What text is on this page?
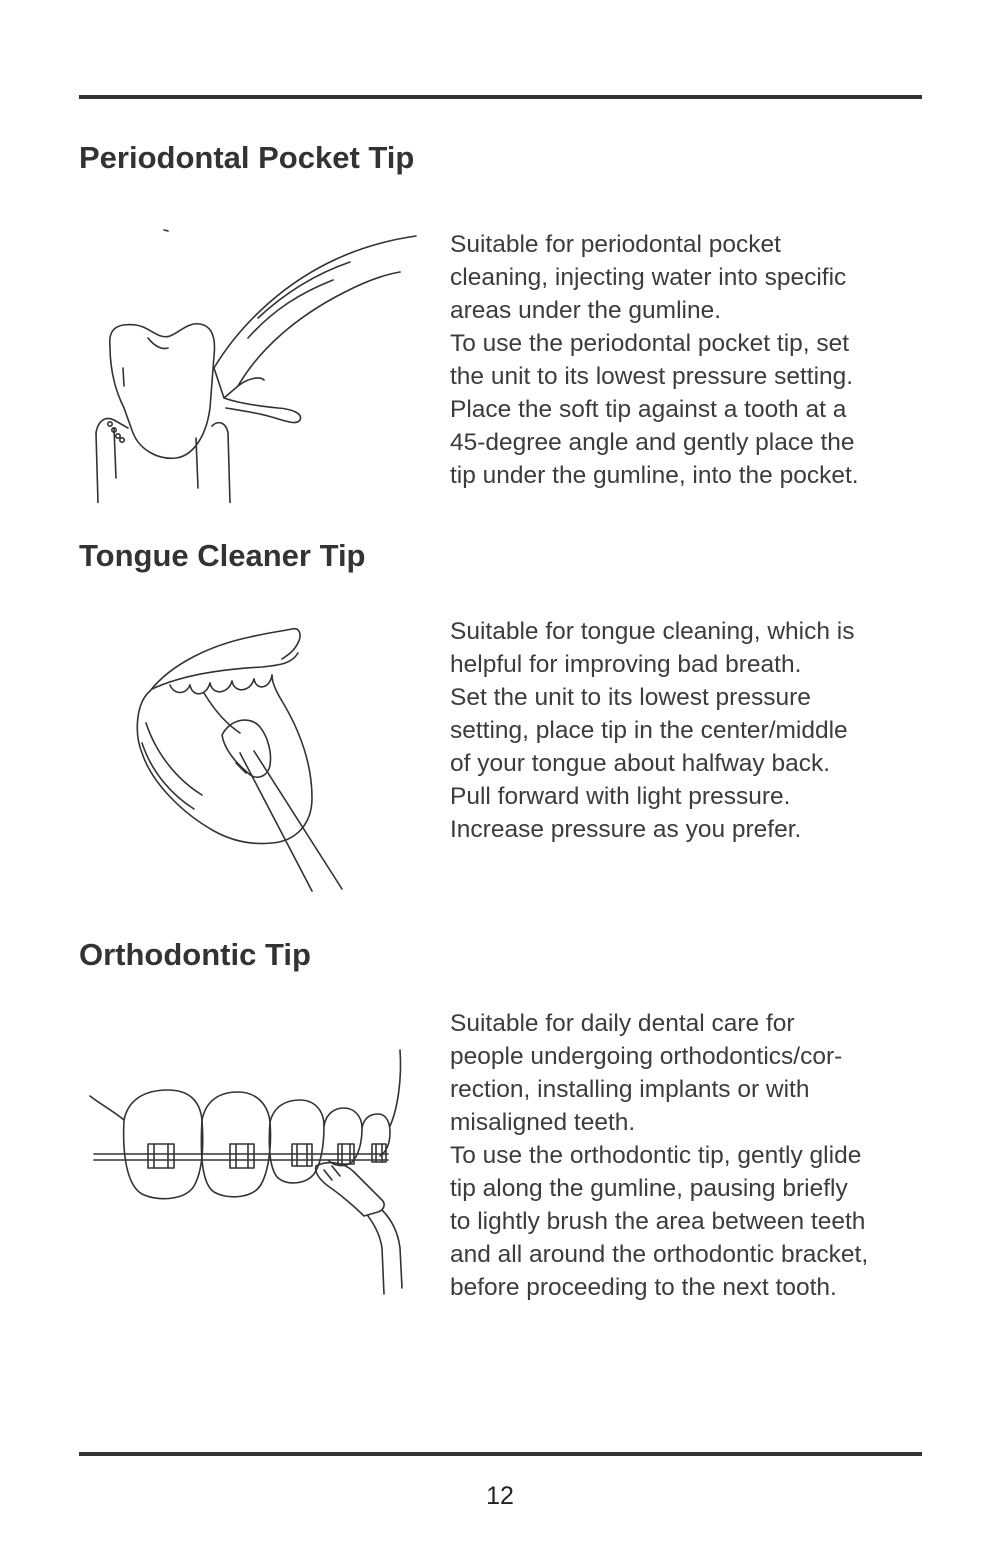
Periodontal Pocket Tip

Suitable for periodontal pocket
cleaning, injecting water into specific
areas under the gumline.
To use the periodontal pocket tip, set
the unit to its lowest pressure setting.
Place the soft tip against a tooth at a
45-degree angle and gently place the
tip under the gumline, into the pocket.

Tongue Cleaner Tip

Suitable for tongue cleaning, which is
helpful for improving bad breath.
Set the unit to its lowest pressure
setting, place tip in the center/middle
of your tongue about halfway back.
Pull forward with light pressure.
Increase pressure as you prefer.

Orthodontic Tip

Suitable for daily dental care for
people undergoing orthodontics/cor-
rection, installing implants or with
misaligned teeth.
To use the orthodontic tip, gently glide
tip along the gumline, pausing briefly
to lightly brush the area between teeth
and all around the orthodontic bracket,
before proceeding to the next tooth.

12
